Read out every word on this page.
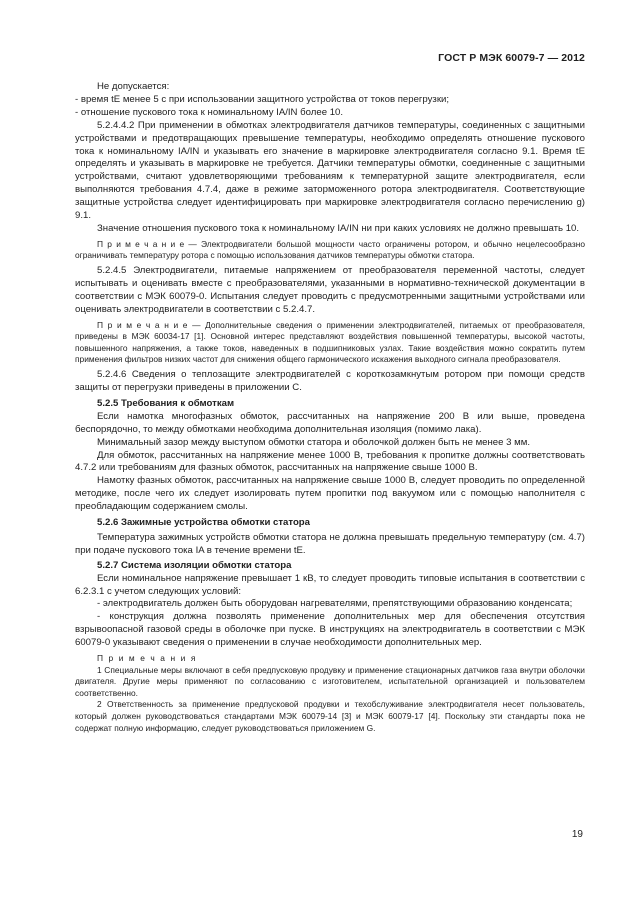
ГОСТ Р МЭК 60079-7 — 2012

Не допускается:

- время tE менее 5 с при использовании защитного устройства от токов перегрузки;

- отношение пускового тока к номинальному IA/IN более 10.

5.2.4.4.2 При применении в обмотках электродвигателя датчиков температуры, соединенных с защитными устройствами и предотвращающих превышение температуры, необходимо определять отношение пускового тока к номинальному IA/IN и указывать его значение в маркировке электродвигателя согласно 9.1. Время tE определять и указывать в маркировке не требуется. Датчики температуры обмотки, соединенные с защитными устройствами, считают удовлетворяющими требованиям к температурной защите электродвигателя, если выполняются требования 4.7.4, даже в режиме заторможенного ротора электродвигателя. Соответствующие защитные устройства следует идентифицировать при маркировке электродвигателя согласно перечислению g) 9.1.

Значение отношения пускового тока к номинальному IA/IN ни при каких условиях не должно превышать 10.

П р и м е ч а н и е — Электродвигатели большой мощности часто ограничены ротором, и обычно нецелесообразно ограничивать температуру ротора с помощью использования датчиков температуры обмотки статора.

5.2.4.5 Электродвигатели, питаемые напряжением от преобразователя переменной частоты, следует испытывать и оценивать вместе с преобразователями, указанными в нормативно-технической документации в соответствии с МЭК 60079-0. Испытания следует проводить с предусмотренными защитными устройствами или оценивать электродвигатели в соответствии с 5.2.4.7.

П р и м е ч а н и е — Дополнительные сведения о применении электродвигателей, питаемых от преобразователя, приведены в МЭК 60034-17 [1]. Основной интерес представляют воздействия повышенной температуры, высокой частоты, повышенного напряжения, а также токов, наведенных в подшипниковых узлах. Такие воздействия можно сократить путем применения фильтров низких частот для снижения общего гармонического искажения выходного сигнала преобразователя.

5.2.4.6 Сведения о теплозащите электродвигателей с короткозамкнутым ротором при помощи средств защиты от перегрузки приведены в приложении С.

5.2.5 Требования к обмоткам

Если намотка многофазных обмоток, рассчитанных на напряжение 200 В или выше, проведена беспорядочно, то между обмотками необходима дополнительная изоляция (помимо лака).

Минимальный зазор между выступом обмотки статора и оболочкой должен быть не менее 3 мм.

Для обмоток, рассчитанных на напряжение менее 1000 В, требования к пропитке должны соответствовать 4.7.2 или требованиям для фазных обмоток, рассчитанных на напряжение свыше 1000 В.

Намотку фазных обмоток, рассчитанных на напряжение свыше 1000 В, следует проводить по определенной методике, после чего их следует изолировать путем пропитки под вакуумом или с помощью наполнителя с преобладающим содержанием смолы.

5.2.6 Зажимные устройства обмотки статора

Температура зажимных устройств обмотки статора не должна превышать предельную температуру (см. 4.7) при подаче пускового тока IA в течение времени tE.

5.2.7 Система изоляции обмотки статора

Если номинальное напряжение превышает 1 кВ, то следует проводить типовые испытания в соответствии с 6.2.3.1 с учетом следующих условий:

- электродвигатель должен быть оборудован нагревателями, препятствующими образованию конденсата;

- конструкция должна позволять применение дополнительных мер для обеспечения отсутствия взрывоопасной газовой среды в оболочке при пуске. В инструкциях на электродвигатель в соответствии с МЭК 60079-0 указывают сведения о применении в случае необходимости дополнительных мер.

П р и м е ч а н и я

1 Специальные меры включают в себя предпусковую продувку и применение стационарных датчиков газа внутри оболочки двигателя. Другие меры применяют по согласованию с изготовителем, испытательной организацией и пользователем соответственно.

2 Ответственность за применение предпусковой продувки и техобслуживание электродвигателя несет пользователь, который должен руководствоваться стандартами МЭК 60079-14 [3] и МЭК 60079-17 [4]. Поскольку эти стандарты пока не содержат полную информацию, следует руководствоваться приложением G.

19
